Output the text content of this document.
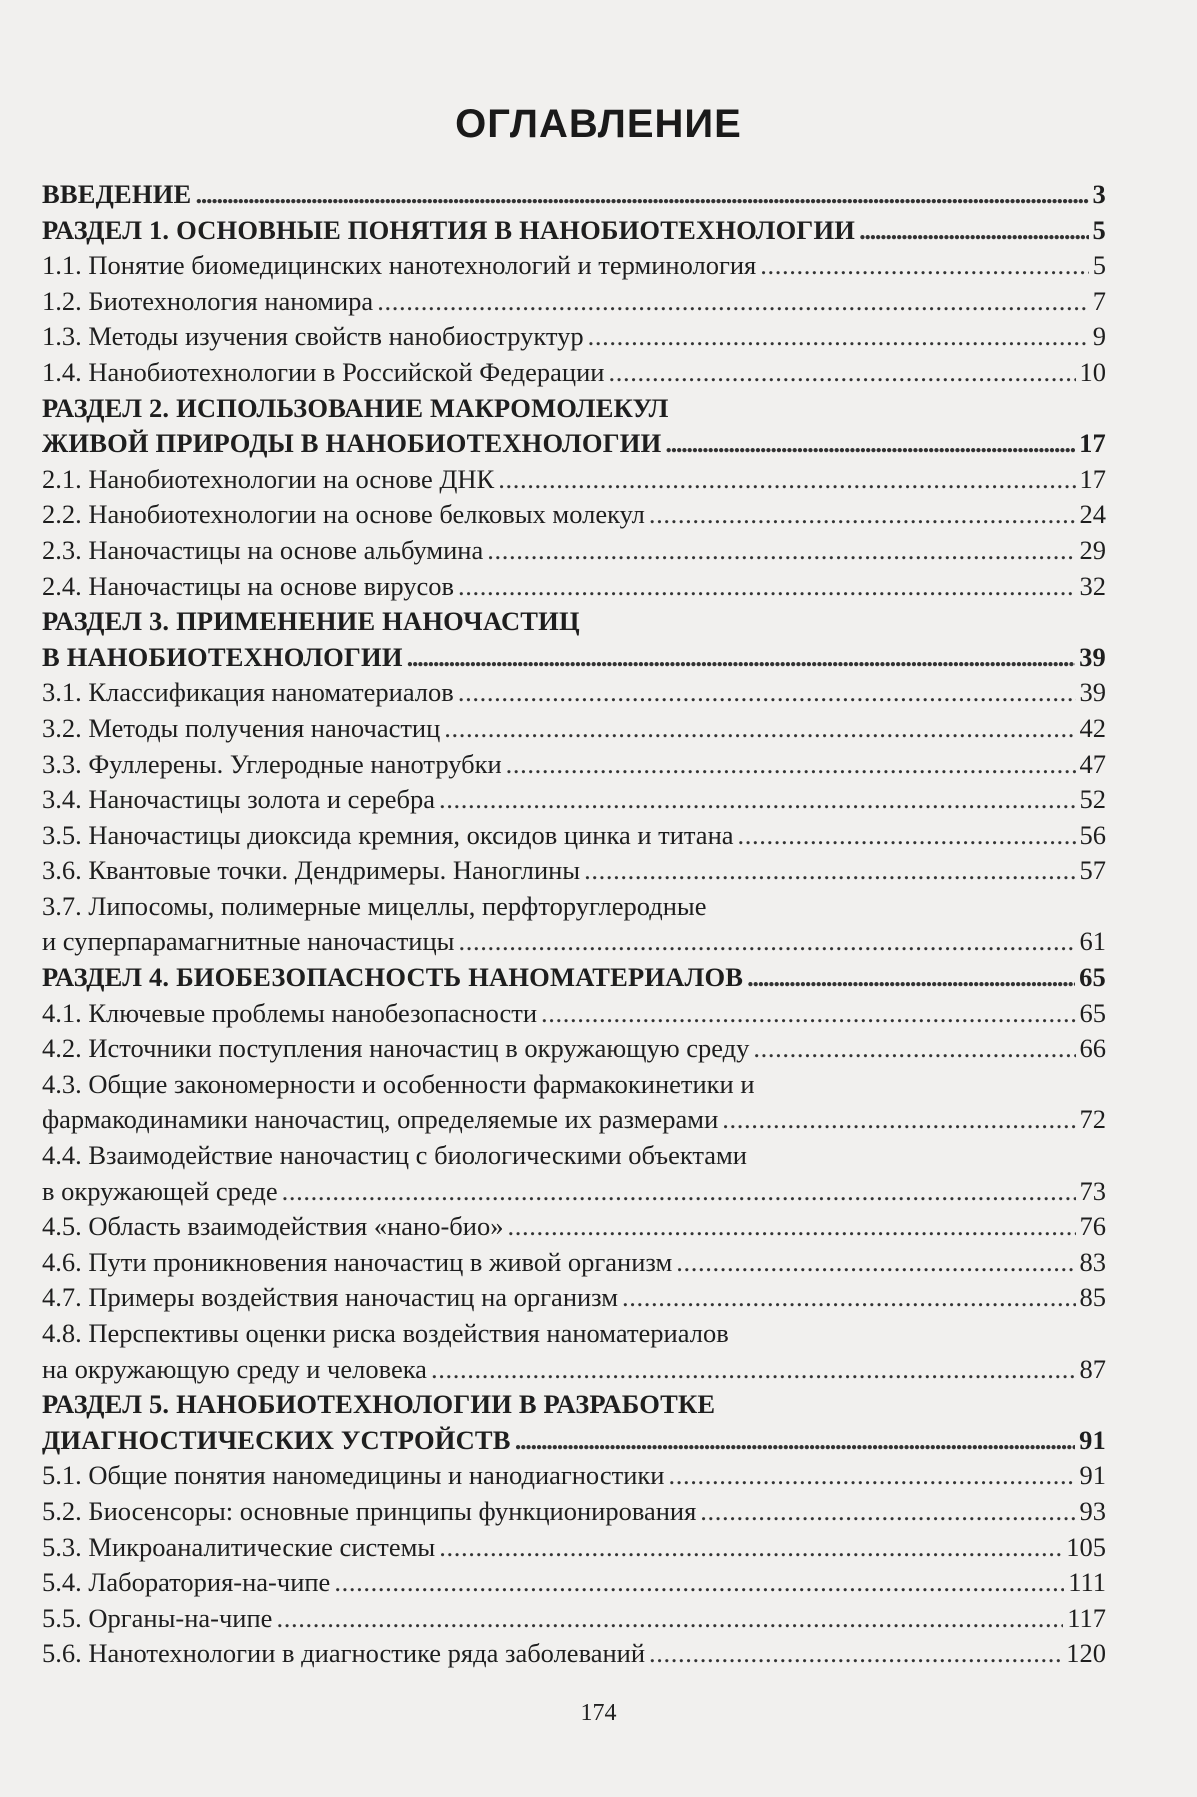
ОГЛАВЛЕНИЕ
ВВЕДЕНИЕ . . .	3
РАЗДЕЛ 1. ОСНОВНЫЕ ПОНЯТИЯ В НАНОБИОТЕХНОЛОГИИ . . .	5
1.1. Понятие биомедицинских нанотехнологий и терминология . . .	5
1.2. Биотехнология наномира . . .	7
1.3. Методы изучения свойств нанобиоструктур . . .	9
1.4. Нанобиотехнологии в Российской Федерации . . .	10
РАЗДЕЛ 2. ИСПОЛЬЗОВАНИЕ МАКРОМОЛЕКУЛ
ЖИВОЙ ПРИРОДЫ В НАНОБИОТЕХНОЛОГИИ . . .	17
2.1. Нанобиотехнологии на основе ДНК . . .	17
2.2. Нанобиотехнологии на основе белковых молекул . . .	24
2.3. Наночастицы на основе альбумина . . .	29
2.4. Наночастицы на основе вирусов . . .	32
РАЗДЕЛ 3. ПРИМЕНЕНИЕ НАНОЧАСТИЦ
В НАНОБИОТЕХНОЛОГИИ . . .	39
3.1. Классификация наноматериалов . . .	39
3.2. Методы получения наночастиц . . .	42
3.3. Фуллерены. Углеродные нанотрубки . . .	47
3.4. Наночастицы золота и серебра . . .	52
3.5. Наночастицы диоксида кремния, оксидов цинка и титана . . .	56
3.6. Квантовые точки. Дендримеры. Наноглины . . .	57
3.7. Липосомы, полимерные мицеллы, перфторуглеродные
и суперпарамагнитные наночастицы . . .	61
РАЗДЕЛ 4. БИОБЕЗОПАСНОСТЬ НАНОМАТЕРИАЛОВ . . .	65
4.1. Ключевые проблемы нанобезопасности . . .	65
4.2. Источники поступления наночастиц в окружающую среду . . .	66
4.3. Общие закономерности и особенности фармакокинетики и
фармакодинамики наночастиц, определяемые их размерами . . .	72
4.4. Взаимодействие наночастиц с биологическими объектами
в окружающей среде . . .	73
4.5. Область взаимодействия «нано-био» . . .	76
4.6. Пути проникновения наночастиц в живой организм . . .	83
4.7. Примеры воздействия наночастиц на организм . . .	85
4.8. Перспективы оценки риска воздействия наноматериалов
на окружающую среду и человека . . .	87
РАЗДЕЛ 5. НАНОБИОТЕХНОЛОГИИ В РАЗРАБОТКЕ
ДИАГНОСТИЧЕСКИХ УСТРОЙСТВ . . .	91
5.1. Общие понятия наномедицины и нанодиагностики . . .	91
5.2. Биосенсоры: основные принципы функционирования . . .	93
5.3. Микроаналитические системы . . .	105
5.4. Лаборатория-на-чипе . . .	111
5.5. Органы-на-чипе . . .	117
5.6. Нанотехнологии в диагностике ряда заболеваний . . .	120
174
